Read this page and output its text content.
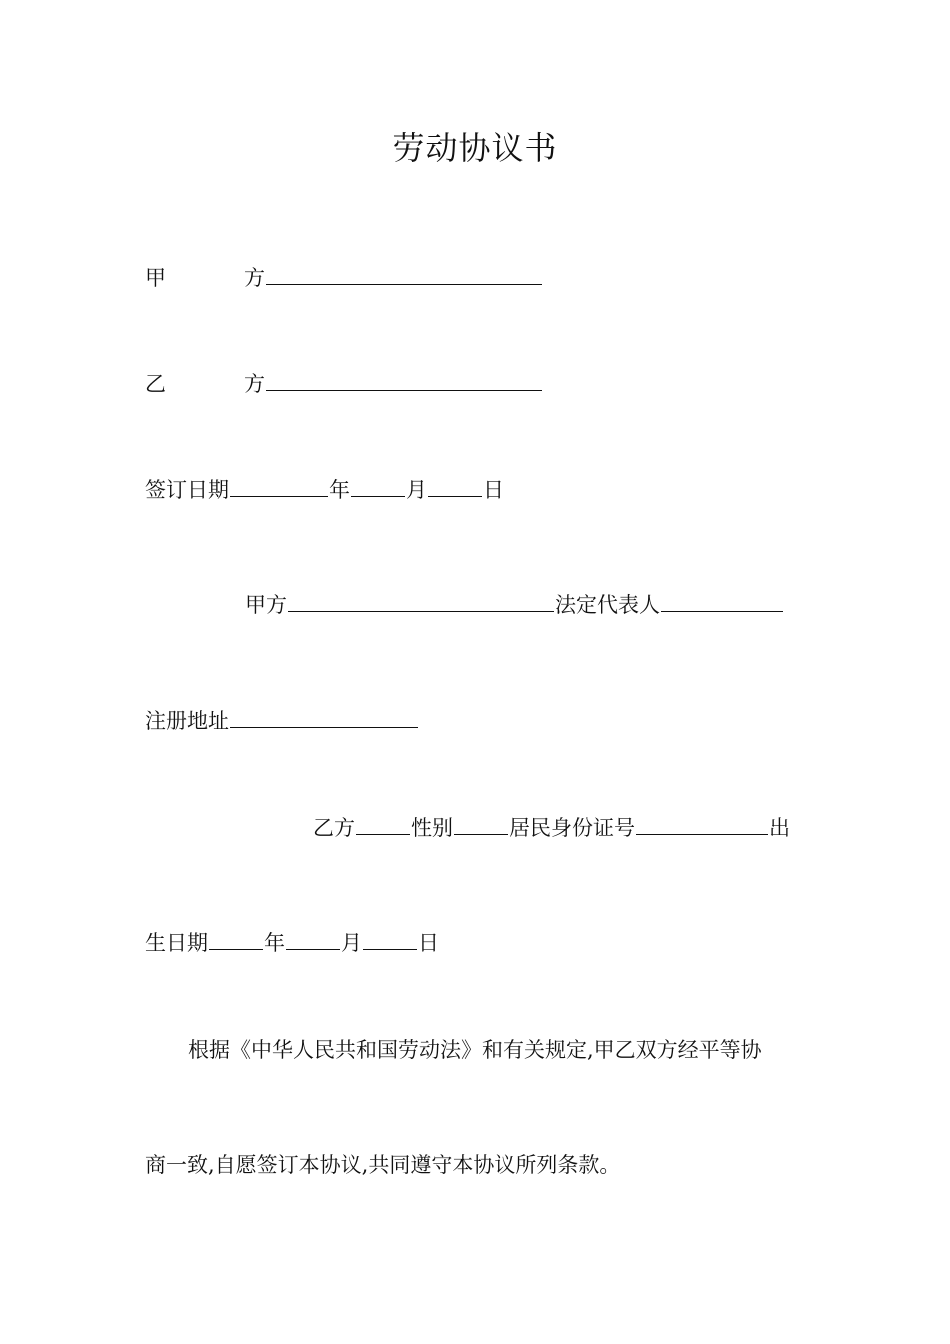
劳动协议书
甲	方
乙	方
签订日期	年	月	日
甲方	法定代表人
注册地址
乙方	性别	居民身份证号	出
生日期	年	月	日
根据《中华人民共和国劳动法》和有关规定,甲乙双方经平等协
商一致,自愿签订本协议,共同遵守本协议所列条款。
